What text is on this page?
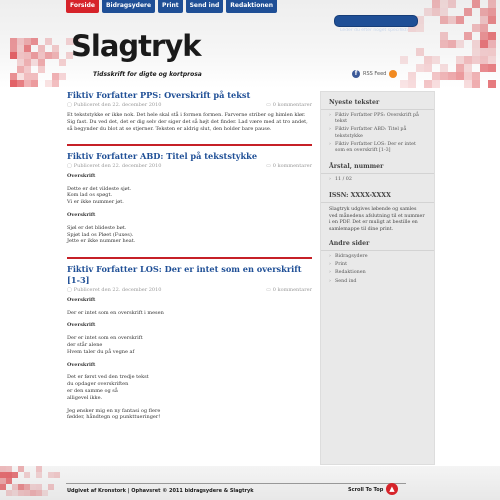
Forside	Bidragsydere	Print	Send ind	Redaktionen
Leder du efter noget specifikt?
Slagtryk
Tidsskrift for digte og kortprosa	f	RSS Feed
Fiktiv Forfatter PPS: Overskrift på tekst
▢ Publiceret den 22. december 2010	▭ 0 kommentarer

Et tekststykke er ikke nok. Det hele skal stå i formen formen. Farverne striber og himlen klør. Sig fast. Du ved det, det er dig selv der siger det så højt det finder. Lad være med at tro andet, så begynder du blot at se stjerner. Teksten er aldrig slut, den holder bare pause.

Fiktiv Forfatter ABD: Titel på tekststykke
▢ Publiceret den 22. december 2010	▭ 0 kommentarer

Overskrift

Dette er det vildeste sjøt.
Kom lad os spøgt.
Vi er ikke nummer jøt.

Overskrift

Sjøl er det blideste bøt.
Spjøt lad os Pløet (Fuxes).
Jette er ikke nummer heat.

Fiktiv Forfatter LOS: Der er intet som en overskrift [1-3]
▢ Publiceret den 22. december 2010	▭ 0 kommentarer

Overskrift

Der er intet som en overskrift i mesen

Overskrift

Der er intet som en overskrift
der står alene
Hvem taler du på vegne af

Overskrift

Det er først ved den tredje tekst
du opdager overskriften
er den samme og så
alligevel ikke.

Jeg ønsker mig en ny fantasi og flere
fødder, håndtegn og punkttueringer!

Nyeste tekster
› Fiktiv Forfatter PPS: Overskrift på tekst
› Fiktiv Forfatter ABD: Titel på tekststykke
› Fiktiv Forfatter LOS: Der er intet som en overskrift [1-3]
Årstal, nummer
› 11 / 02
ISSN: XXXX-XXXX

Slagtryk udgives løbende og samles ved månedens afslutning til et nummer i en PDF. Det er muligt at bestille en samlemappe til dine print.

Andre sider
› Bidragsydere
› Print
› Redaktionen
› Send ind
Udgivet af Kronstork | Ophavsret © 2011 bidragsydere & Slagtryk	Scroll To Top ▲
